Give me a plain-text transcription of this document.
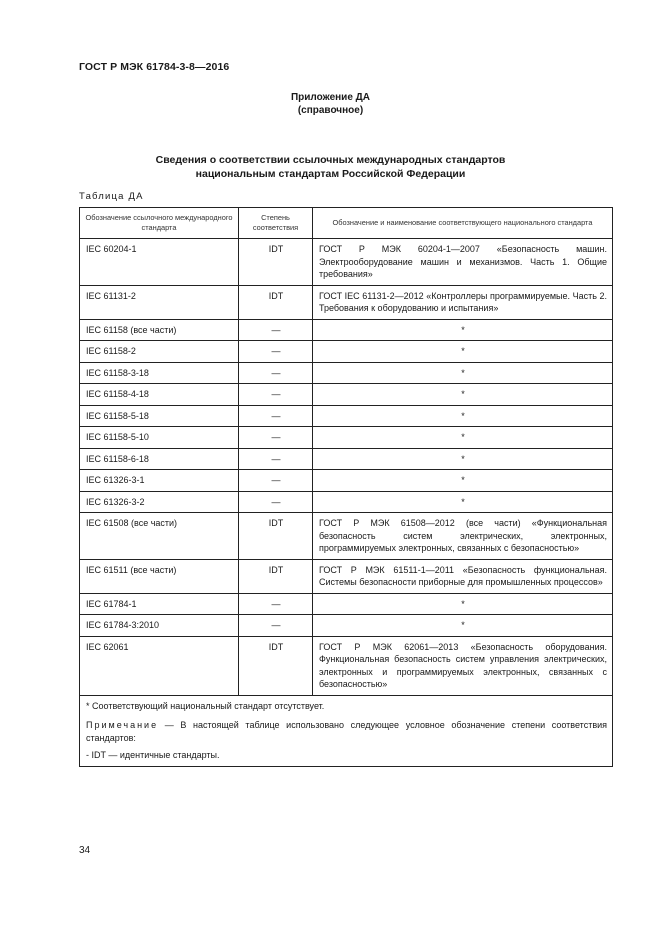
ГОСТ Р МЭК 61784-3-8—2016
Приложение ДА
(справочное)
Сведения о соответствии ссылочных международных стандартов
национальным стандартам Российской Федерации
Таблица ДА
Обозначение ссылочного международного стандарта	Степень соответствия	Обозначение и наименование соответствующего национального стандарта
IEC 60204-1	IDT	ГОСТ Р МЭК 60204-1—2007 «Безопасность машин. Электрооборудование машин и механизмов. Часть 1. Общие требования»
IEC 61131-2	IDT	ГОСТ IEC 61131-2—2012 «Контроллеры программируемые. Часть 2. Требования к оборудованию и испытания»
IEC 61158 (все части)	—	*
IEC 61158-2	—	*
IEC 61158-3-18	—	*
IEC 61158-4-18	—	*
IEC 61158-5-18	—	*
IEC 61158-5-10	—	*
IEC 61158-6-18	—	*
IEC 61326-3-1	—	*
IEC 61326-3-2	—	*
IEC 61508 (все части)	IDT	ГОСТ Р МЭК 61508—2012 (все части) «Функциональная безопасность систем электрических, электронных, программируемых электронных, связанных с безопасностью»
IEC 61511 (все части)	IDT	ГОСТ Р МЭК 61511-1—2011 «Безопасность функциональная. Системы безопасности приборные для промышленных процессов»
IEC 61784-1	—	*
IEC 61784-3:2010	—	*
IEC 62061	IDT	ГОСТ Р МЭК 62061—2013 «Безопасность оборудования. Функциональная безопасность систем управления электрических, электронных и программируемых электронных, связанных с безопасностью»

* Соответствующий национальный стандарт отсутствует.

Примечание — В настоящей таблице использовано следующее условное обозначение степени соответствия стандартов:

- IDT — идентичные стандарты.		

34
